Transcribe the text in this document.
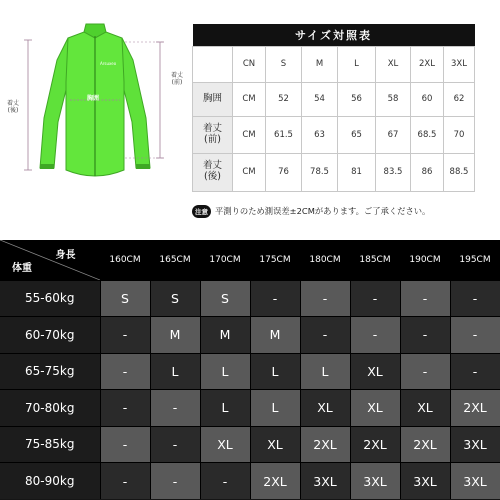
胸囲
Arsuxeo
着丈
(後)
着丈
(前)
サイズ対照表							
	CN	S	M	L	XL	2XL	3XL
胸囲	CM	52	54	56	58	60	62
着丈
(前)	CM	61.5	63	65	67	68.5	70
着丈
(後)	CM	76	78.5	81	83.5	86	88.5
注意 平測りのため測误差±2CMがあります。ご了承ください。
身長
体重	160CM	165CM	170CM	175CM	180CM	185CM	190CM	195CM
55-60kg	S	S	S	-	-	-	-	-
60-70kg	-	M	M	M	-	-	-	-
65-75kg	-	L	L	L	L	XL	-	-
70-80kg	-	-	L	L	XL	XL	XL	2XL
75-85kg	-	-	XL	XL	2XL	2XL	2XL	3XL
80-90kg	-	-	-	2XL	3XL	3XL	3XL	3XL
